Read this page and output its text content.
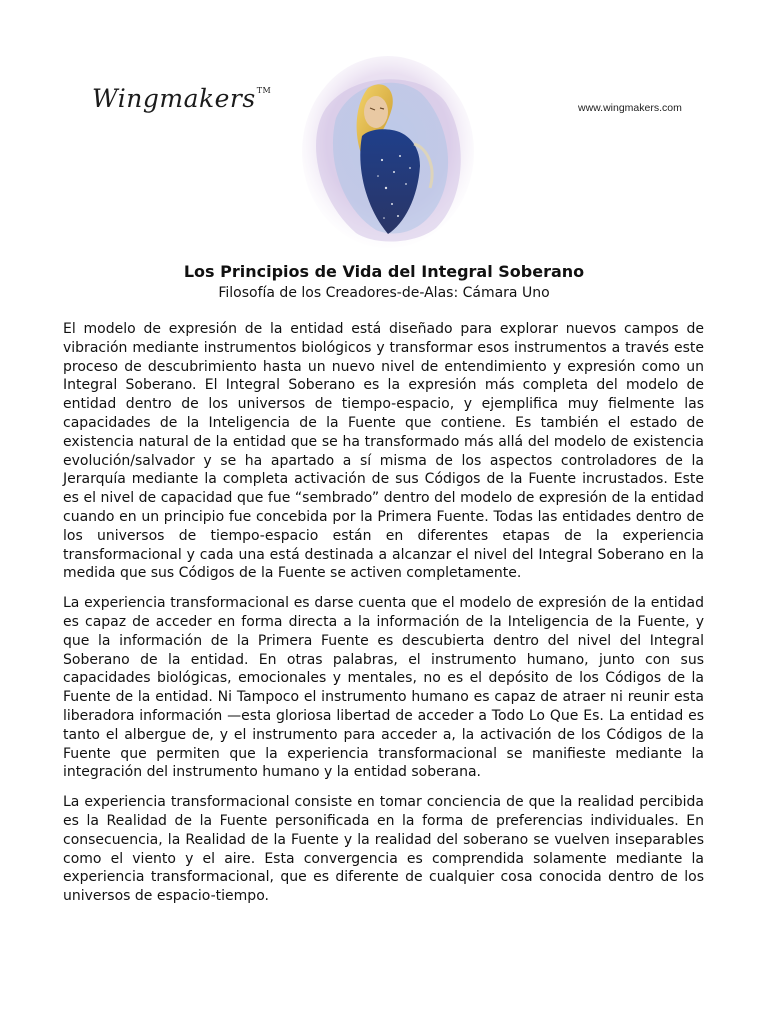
Wingmakers™
www.wingmakers.com
Los Principios de Vida del Integral Soberano
Filosofía de los Creadores-de-Alas: Cámara Uno

El modelo de expresión de la entidad está diseñado para explorar nuevos campos de vibración mediante instrumentos biológicos y transformar esos instrumentos a través este proceso de descubrimiento hasta un nuevo nivel de entendimiento y expresión como un Integral Soberano. El Integral Soberano es la expresión más completa del modelo de entidad dentro de los universos de tiempo-espacio, y ejemplifica muy fielmente las capacidades de la Inteligencia de la Fuente que contiene. Es también el estado de existencia natural de la entidad que se ha transformado más allá del modelo de existencia evolución/salvador y se ha apartado a sí misma de los aspectos controladores de la Jerarquía mediante la completa activación de sus Códigos de la Fuente incrustados. Este es el nivel de capacidad que fue “sembrado” dentro del modelo de expresión de la entidad cuando en un principio fue concebida por la Primera Fuente. Todas las entidades dentro de los universos de tiempo-espacio están en diferentes etapas de la experiencia transformacional y cada una está destinada a alcanzar el nivel del Integral Soberano en la medida que sus Códigos de la Fuente se activen completamente.

La experiencia transformacional es darse cuenta que el modelo de expresión de la entidad es capaz de acceder en forma directa a la información de la Inteligencia de la Fuente, y que la información de la Primera Fuente es descubierta dentro del nivel del Integral Soberano de la entidad. En otras palabras, el instrumento humano, junto con sus capacidades biológicas, emocionales y mentales, no es el depósito de los Códigos de la Fuente de la entidad. Ni Tampoco el instrumento humano es capaz de atraer ni reunir esta liberadora información —esta gloriosa libertad de acceder a Todo Lo Que Es. La entidad es tanto el albergue de, y el instrumento para acceder a, la activación de los Códigos de la Fuente que permiten que la experiencia transformacional se manifieste mediante la integración del instrumento humano y la entidad soberana.

La experiencia transformacional consiste en tomar conciencia de que la realidad percibida es la Realidad de la Fuente personificada en la forma de preferencias individuales. En consecuencia, la Realidad de la Fuente y la realidad del soberano se vuelven inseparables como el viento y el aire. Esta convergencia es comprendida solamente mediante la experiencia transformacional, que es diferente de cualquier cosa conocida dentro de los universos de espacio-tiempo.
